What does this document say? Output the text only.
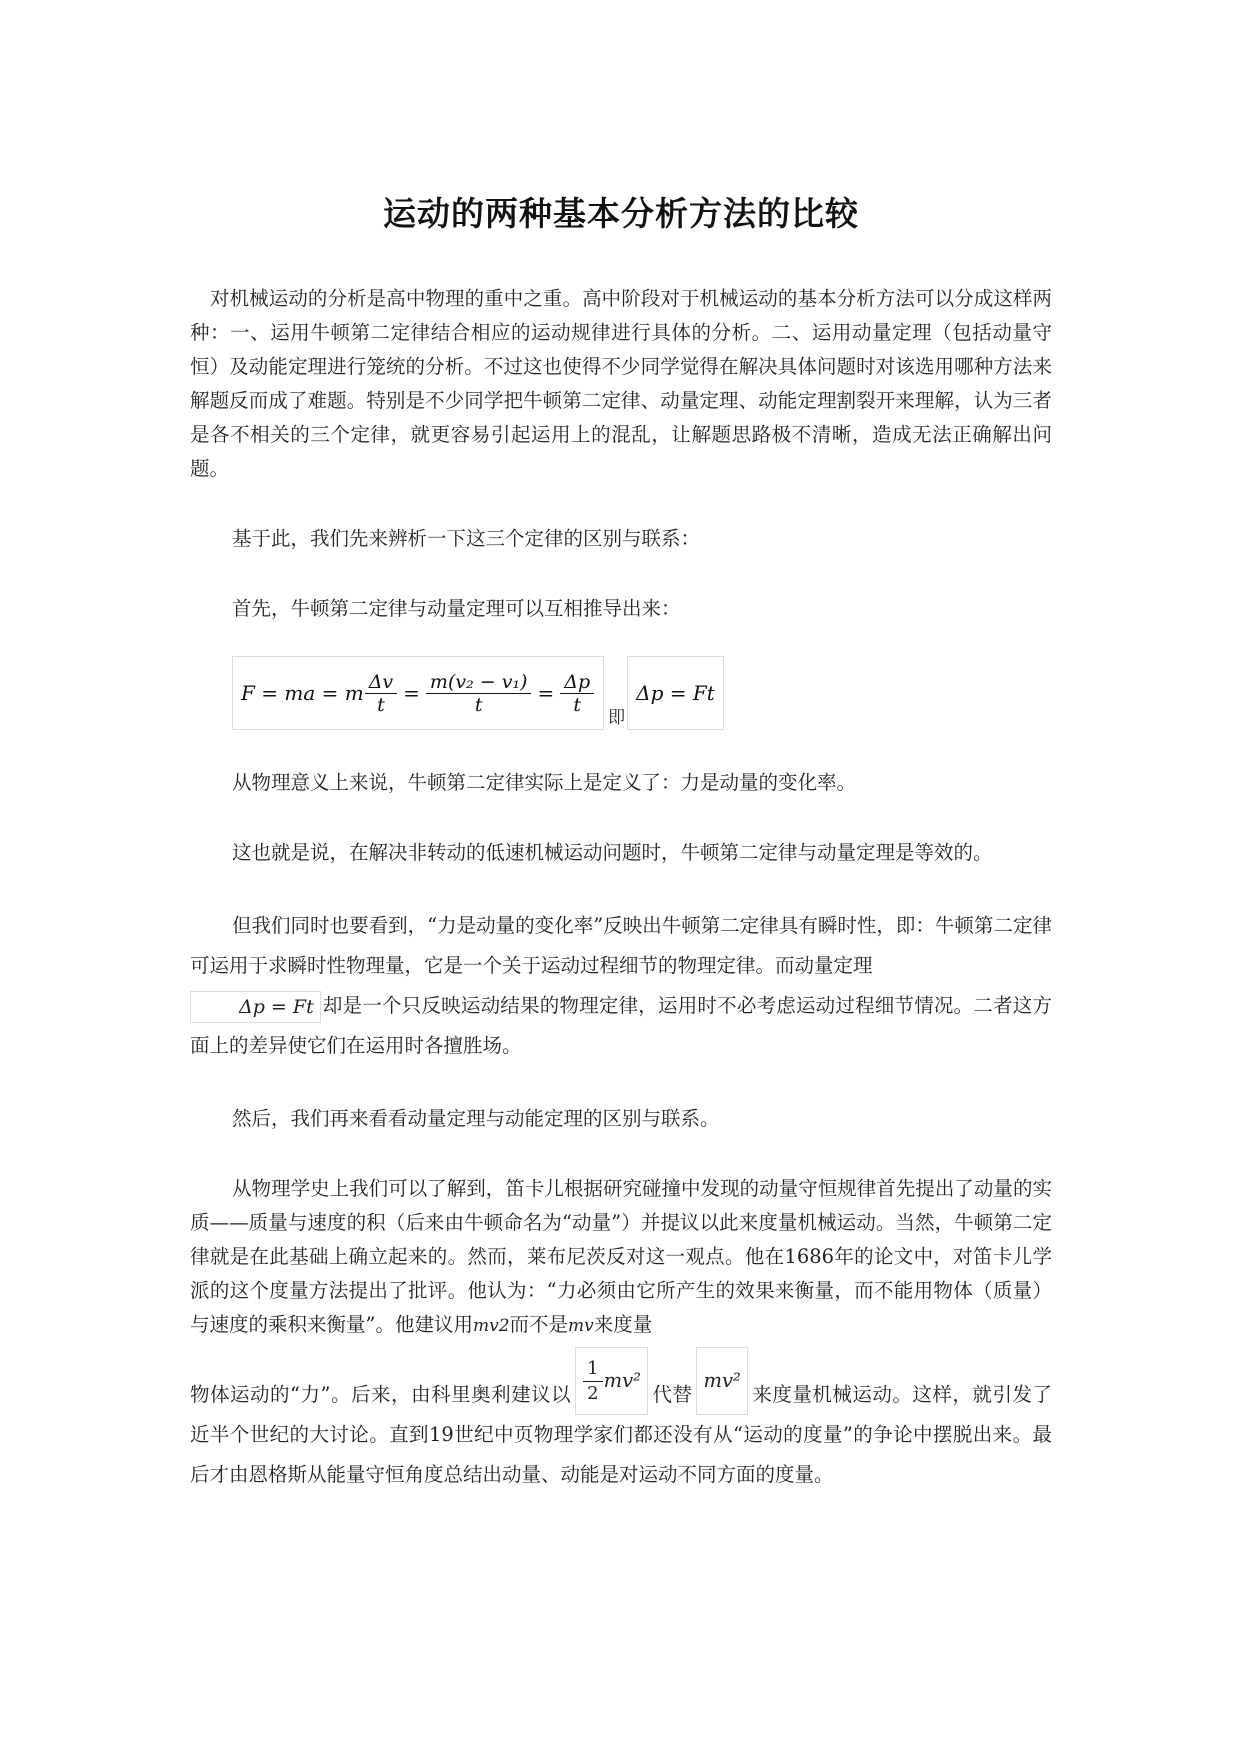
运动的两种基本分析方法的比较

对机械运动的分析是高中物理的重中之重。高中阶段对于机械运动的基本分析方法可以分成这样两种：一、运用牛顿第二定律结合相应的运动规律进行具体的分析。二、运用动量定理（包括动量守恒）及动能定理进行笼统的分析。不过这也使得不少同学觉得在解决具体问题时对该选用哪种方法来解题反而成了难题。特别是不少同学把牛顿第二定律、动量定理、动能定理割裂开来理解，认为三者是各不相关的三个定律，就更容易引起运用上的混乱，让解题思路极不清晰，造成无法正确解出问题。

基于此，我们先来辨析一下这三个定律的区别与联系：

首先，牛顿第二定律与动量定理可以互相推导出来：

F = ma = m $\frac{\Delta v}{t} = \frac{\text{m(v₂ − v₁)}}{t} = \frac{\Delta p}{t}$
即
Δp = Ft

从物理意义上来说，牛顿第二定律实际上是定义了：力是动量的变化率。

这也就是说，在解决非转动的低速机械运动问题时，牛顿第二定律与动量定理是等效的。

但我们同时也要看到，“力是动量的变化率”反映出牛顿第二定律具有瞬时性，即：牛顿第二定律可运用于求瞬时性物理量，它是一个关于运动过程细节的物理定律。而动量定理
Δp = Ft 却是一个只反映运动结果的物理定律，运用时不必考虑运动过程细节情况。二者这方面上的差异使它们在运用时各擅胜场。

然后，我们再来看看动量定理与动能定理的区别与联系。

从物理学史上我们可以了解到，笛卡儿根据研究碰撞中发现的动量守恒规律首先提出了动量的实质——质量与速度的积（后来由牛顿命名为“动量”）并提议以此来度量机械运动。当然，牛顿第二定律就是在此基础上确立起来的。然而，莱布尼茨反对这一观点。他在1686年的论文中，对笛卡儿学派的这个度量方法提出了批评。他认为：“力必须由它所产生的效果来衡量，而不能用物体（质量）与速度的乘积来衡量”。他建议用mv2而不是mv来度量

物体运动的“力”。后来，由科里奥利建议以 $\frac{1}{2} mv^2$
代替mv²来度量机械运动。这样，就引发了近半个世纪的大讨论。直到19世纪中页物理学家们都还没有从“运动的度量”的争论中摆脱出来。最后才由恩格斯从能量守恒角度总结出动量、动能是对运动不同方面的度量。
